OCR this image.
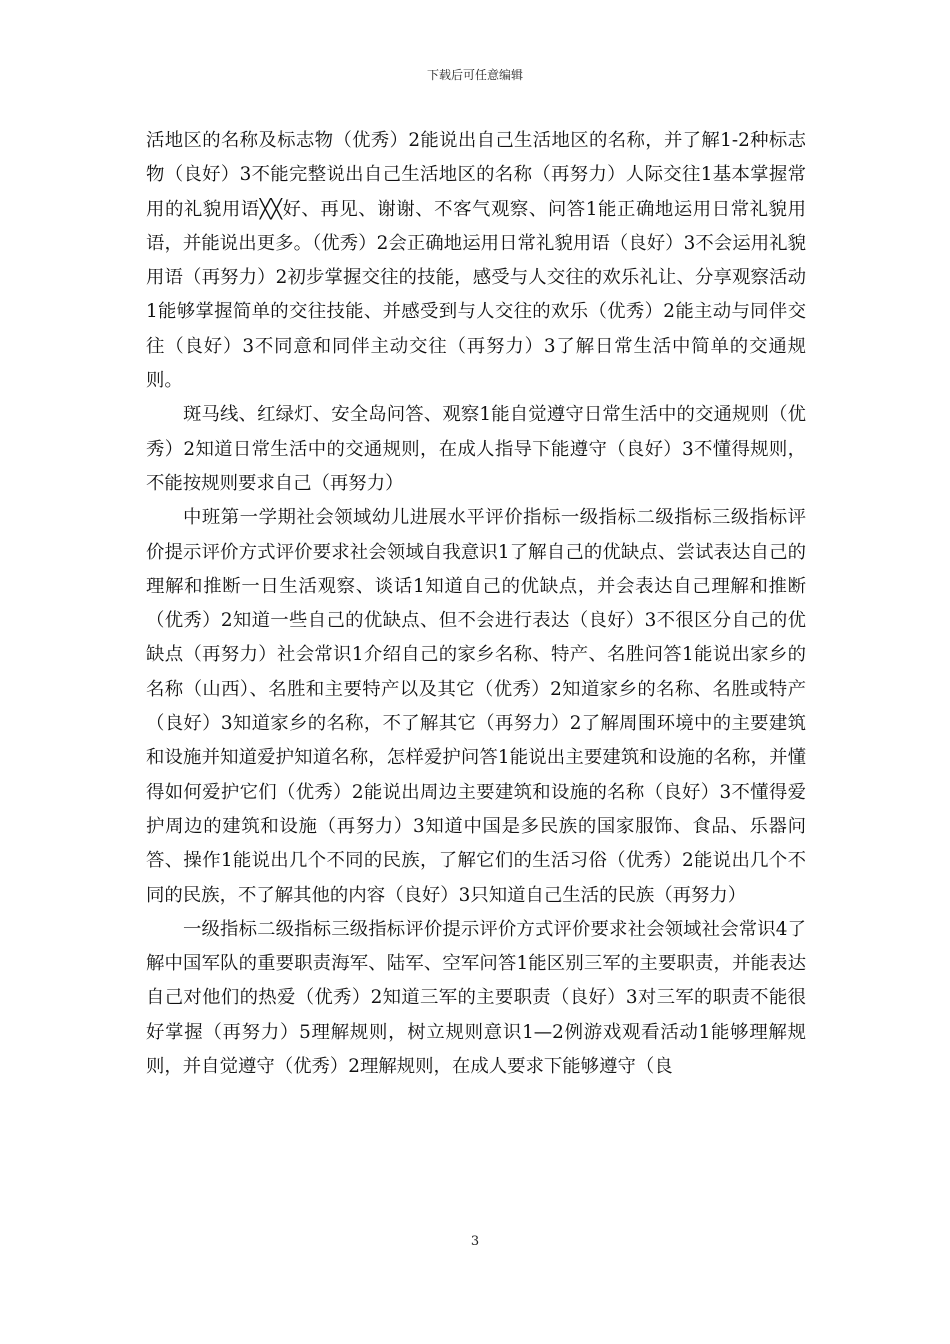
下载后可任意编辑

活地区的名称及标志物（优秀）2能说出自己生活地区的名称，并了解1-2种标志物（良好）3不能完整说出自己生活地区的名称（再努力）人际交往1基本掌握常用的礼貌用语╳╳好、再见、谢谢、不客气观察、问答1能正确地运用日常礼貌用语，并能说出更多。（优秀）2会正确地运用日常礼貌用语（良好）3不会运用礼貌用语（再努力）2初步掌握交往的技能，感受与人交往的欢乐礼让、分享观察活动1能够掌握简单的交往技能、并感受到与人交往的欢乐（优秀）2能主动与同伴交往（良好）3不同意和同伴主动交往（再努力）3了解日常生活中简单的交通规则。

斑马线、红绿灯、安全岛问答、观察1能自觉遵守日常生活中的交通规则（优秀）2知道日常生活中的交通规则，在成人指导下能遵守（良好）3不懂得规则，不能按规则要求自己（再努力）

中班第一学期社会领域幼儿进展水平评价指标一级指标二级指标三级指标评价提示评价方式评价要求社会领域自我意识1了解自己的优缺点、尝试表达自己的理解和推断一日生活观察、谈话1知道自己的优缺点，并会表达自己理解和推断（优秀）2知道一些自己的优缺点、但不会进行表达（良好）3不很区分自己的优缺点（再努力）社会常识1介绍自己的家乡名称、特产、名胜问答1能说出家乡的名称（山西）、名胜和主要特产以及其它（优秀）2知道家乡的名称、名胜或特产（良好）3知道家乡的名称，不了解其它（再努力）2了解周围环境中的主要建筑和设施并知道爱护知道名称，怎样爱护问答1能说出主要建筑和设施的名称，并懂得如何爱护它们（优秀）2能说出周边主要建筑和设施的名称（良好）3不懂得爱护周边的建筑和设施（再努力）3知道中国是多民族的国家服饰、食品、乐器问答、操作1能说出几个不同的民族，了解它们的生活习俗（优秀）2能说出几个不同的民族，不了解其他的内容（良好）3只知道自己生活的民族（再努力）

一级指标二级指标三级指标评价提示评价方式评价要求社会领域社会常识4了解中国军队的重要职责海军、陆军、空军问答1能区别三军的主要职责，并能表达自己对他们的热爱（优秀）2知道三军的主要职责（良好）3对三军的职责不能很好掌握（再努力）5理解规则，树立规则意识1—2例游戏观看活动1能够理解规则，并自觉遵守（优秀）2理解规则，在成人要求下能够遵守（良

3
